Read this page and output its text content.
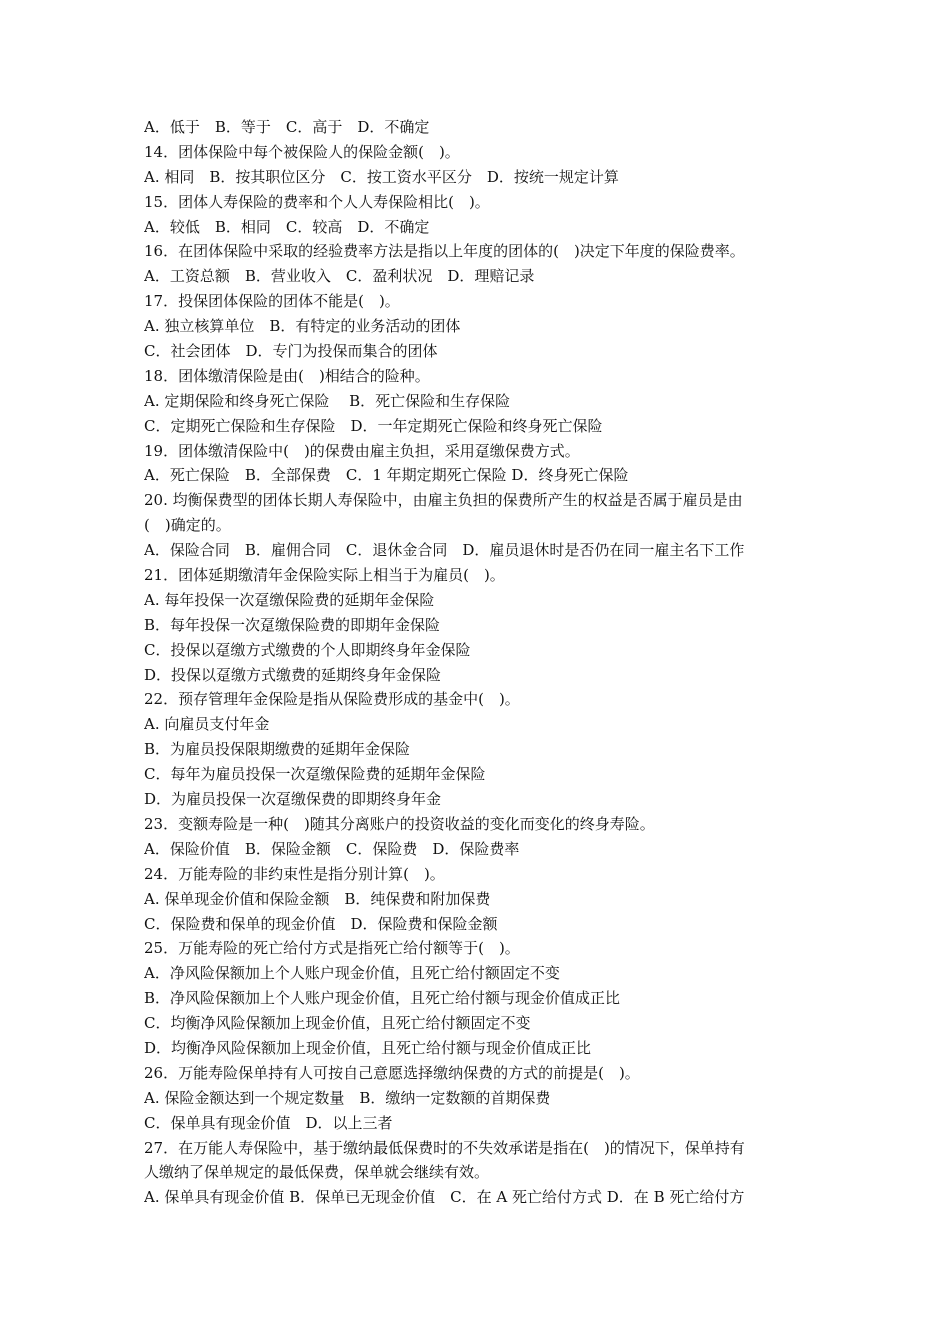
A．低于　B．等于　C．高于　D．不确定
14．团体保险中每个被保险人的保险金额(　)。
A. 相同　B．按其职位区分　C．按工资水平区分　D．按统一规定计算
15．团体人寿保险的费率和个人人寿保险相比(　)。
A．较低　B．相同　C．较高　D．不确定
16．在团体保险中采取的经验费率方法是指以上年度的团体的(　)决定下年度的保险费率。
A．工资总额　B．营业收入　C．盈利状况　D．理赔记录
17．投保团体保险的团体不能是(　)。
A. 独立核算单位　B．有特定的业务活动的团体
C．社会团体　D．专门为投保而集合的团体
18．团体缴清保险是由(　)相结合的险种。
A. 定期保险和终身死亡保险　 B．死亡保险和生存保险
C．定期死亡保险和生存保险　D．一年定期死亡保险和终身死亡保险
19．团体缴清保险中(　)的保费由雇主负担，采用趸缴保费方式。
A．死亡保险　B．全部保费　C．1 年期定期死亡保险 D．终身死亡保险
20. 均衡保费型的团体长期人寿保险中，由雇主负担的保费所产生的权益是否属于雇员是由
(　)确定的。
A．保险合同　B．雇佣合同　C．退休金合同　D．雇员退休时是否仍在同一雇主名下工作
21．团体延期缴清年金保险实际上相当于为雇员(　)。
A. 每年投保一次趸缴保险费的延期年金保险
B．每年投保一次趸缴保险费的即期年金保险
C．投保以趸缴方式缴费的个人即期终身年金保险
D．投保以趸缴方式缴费的延期终身年金保险
22．预存管理年金保险是指从保险费形成的基金中(　)。
A. 向雇员支付年金
B．为雇员投保限期缴费的延期年金保险
C．每年为雇员投保一次趸缴保险费的延期年金保险
D．为雇员投保一次趸缴保费的即期终身年金
23．变额寿险是一种(　)随其分离账户的投资收益的变化而变化的终身寿险。
A．保险价值　B．保险金额　C．保险费　D．保险费率
24．万能寿险的非约束性是指分别计算(　)。
A. 保单现金价值和保险金额　B．纯保费和附加保费
C．保险费和保单的现金价值　D．保险费和保险金额
25．万能寿险的死亡给付方式是指死亡给付额等于(　)。
A．净风险保额加上个人账户现金价值，且死亡给付额固定不变
B．净风险保额加上个人账户现金价值，且死亡给付额与现金价值成正比
C．均衡净风险保额加上现金价值，且死亡给付额固定不变
D．均衡净风险保额加上现金价值，且死亡给付额与现金价值成正比
26．万能寿险保单持有人可按自己意愿选择缴纳保费的方式的前提是(　)。
A. 保险金额达到一个规定数量　B．缴纳一定数额的首期保费
C．保单具有现金价值　D．以上三者
27．在万能人寿保险中，基于缴纳最低保费时的不失效承诺是指在(　)的情况下，保单持有
人缴纳了保单规定的最低保费，保单就会继续有效。
A. 保单具有现金价值 B．保单已无现金价值　C．在 A 死亡给付方式 D．在 B 死亡给付方
